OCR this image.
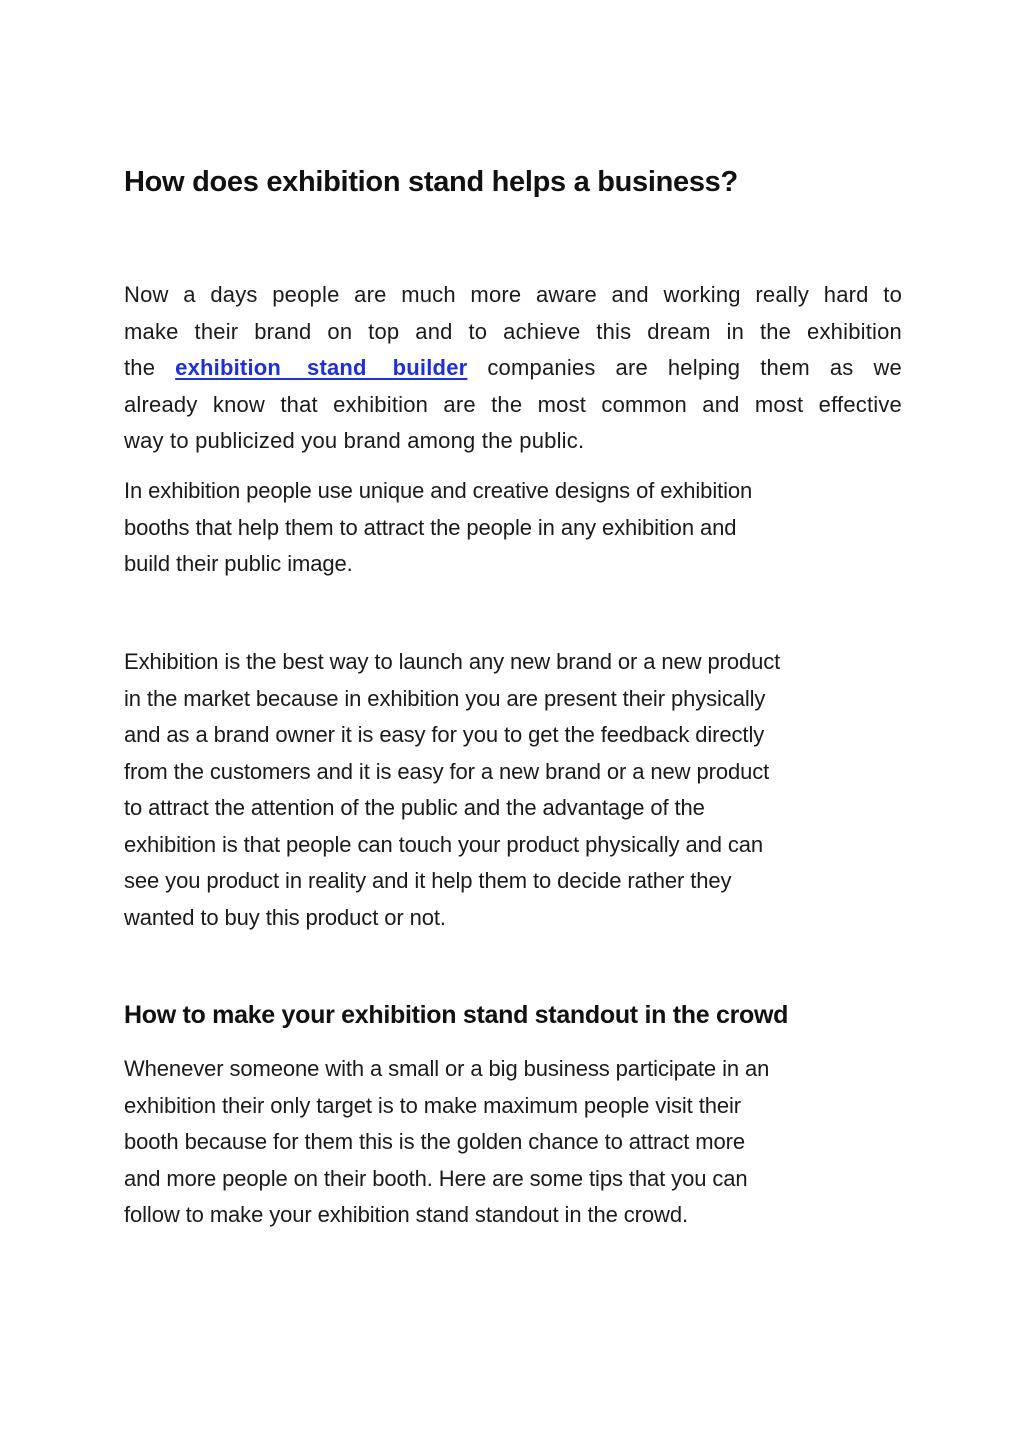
How does exhibition stand helps a business?
Now a days people are much more aware and working really hard to
make their brand on top and to achieve this dream in the exhibition
the exhibition stand builder companies are helping them as we
already know that exhibition are the most common and most effective
way to publicized you brand among the public.
In exhibition people use unique and creative designs of exhibition
booths that help them to attract the people in any exhibition and
build their public image.
Exhibition is the best way to launch any new brand or a new product
in the market because in exhibition you are present their physically
and as a brand owner it is easy for you to get the feedback directly
from the customers and it is easy for a new brand or a new product
to attract the attention of the public and the advantage of the
exhibition is that people can touch your product physically and can
see you product in reality and it help them to decide rather they
wanted to buy this product or not.
How to make your exhibition stand standout in the crowd
Whenever someone with a small or a big business participate in an
exhibition their only target is to make maximum people visit their
booth because for them this is the golden chance to attract more
and more people on their booth. Here are some tips that you can
follow to make your exhibition stand standout in the crowd.
